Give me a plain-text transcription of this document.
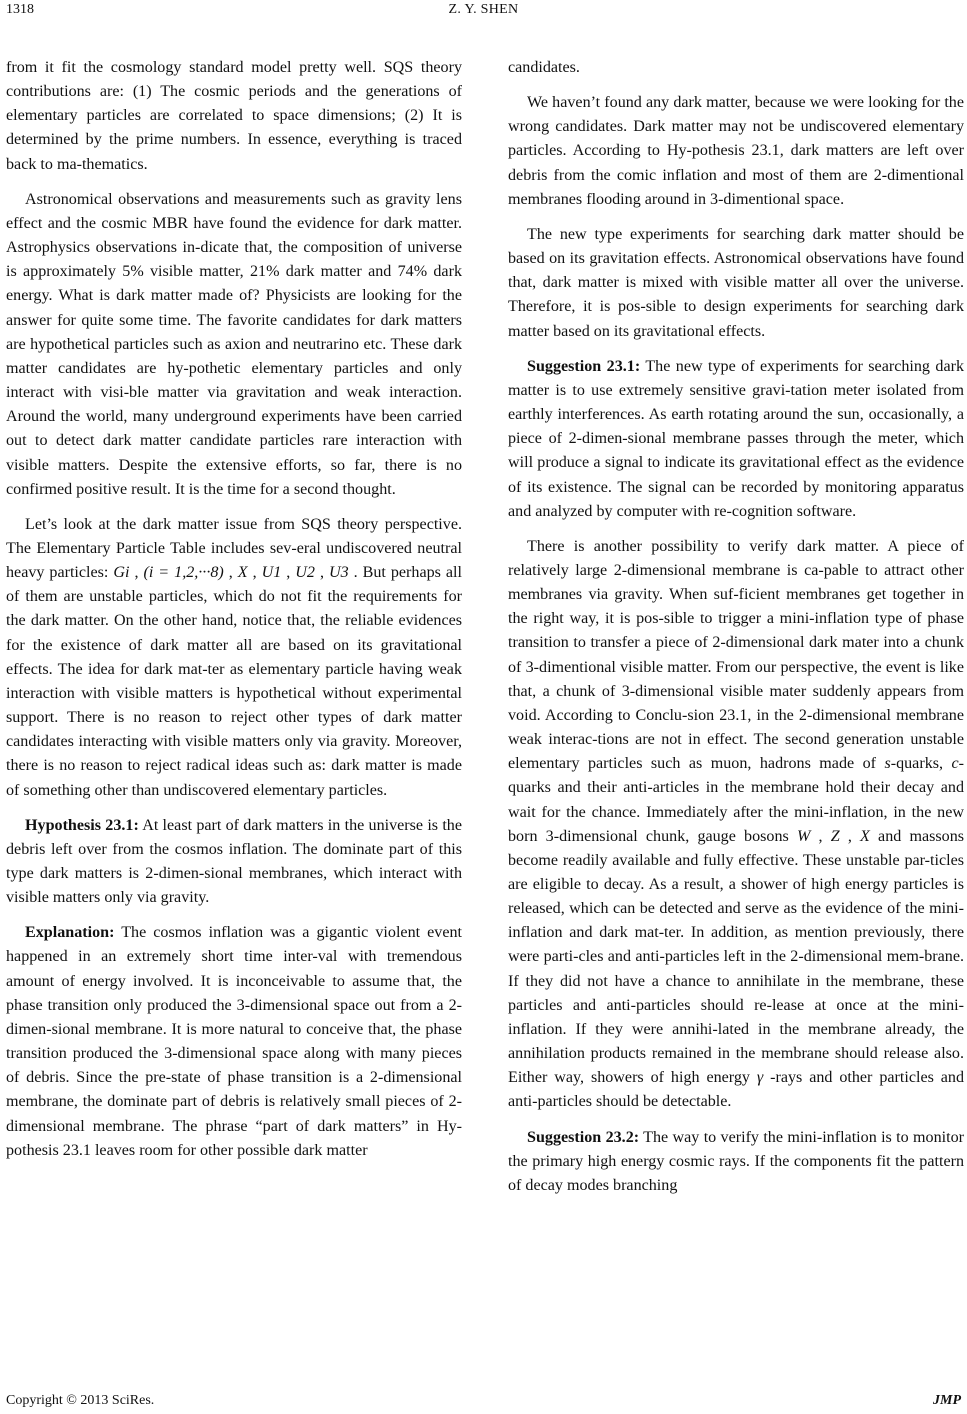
1318	Z. Y. SHEN

from it fit the cosmology standard model pretty well. SQS theory contributions are: (1) The cosmic periods and the generations of elementary particles are correlated to space dimensions; (2) It is determined by the prime numbers. In essence, everything is traced back to ma-thematics.

Astronomical observations and measurements such as gravity lens effect and the cosmic MBR have found the evidence for dark matter. Astrophysics observations in-dicate that, the composition of universe is approximately 5% visible matter, 21% dark matter and 74% dark energy. What is dark matter made of? Physicists are looking for the answer for quite some time. The favorite candidates for dark matters are hypothetical particles such as axion and neutrarino etc. These dark matter candidates are hy-pothetic elementary particles and only interact with visi-ble matter via gravitation and weak interaction. Around the world, many underground experiments have been carried out to detect dark matter candidate particles rare interaction with visible matters. Despite the extensive efforts, so far, there is no confirmed positive result. It is the time for a second thought.

Let’s look at the dark matter issue from SQS theory perspective. The Elementary Particle Table includes sev-eral undiscovered neutral heavy particles: Gi , (i = 1,2,···8) , X , U1 , U2 , U3 . But perhaps all of them are unstable particles, which do not fit the requirements for the dark matter. On the other hand, notice that, the reliable evidences for the existence of dark matter all are based on its gravitational effects. The idea for dark mat-ter as elementary particle having weak interaction with visible matters is hypothetical without experimental support. There is no reason to reject other types of dark matter candidates interacting with visible matters only via gravity. Moreover, there is no reason to reject radical ideas such as: dark matter is made of something other than undiscovered elementary particles.

Hypothesis 23.1: At least part of dark matters in the universe is the debris left over from the cosmos inflation. The dominate part of this type dark matters is 2-dimen-sional membranes, which interact with visible matters only via gravity.

Explanation: The cosmos inflation was a gigantic violent event happened in an extremely short time inter-val with tremendous amount of energy involved. It is inconceivable to assume that, the phase transition only produced the 3-dimensional space out from a 2-dimen-sional membrane. It is more natural to conceive that, the phase transition produced the 3-dimensional space along with many pieces of debris. Since the pre-state of phase transition is a 2-dimensional membrane, the dominate part of debris is relatively small pieces of 2-dimensional membrane. The phrase “part of dark matters” in Hy-pothesis 23.1 leaves room for other possible dark matter

candidates.

We haven’t found any dark matter, because we were looking for the wrong candidates. Dark matter may not be undiscovered elementary particles. According to Hy-pothesis 23.1, dark matters are left over debris from the comic inflation and most of them are 2-dimentional membranes flooding around in 3-dimentional space.

The new type experiments for searching dark matter should be based on its gravitation effects. Astronomical observations have found that, dark matter is mixed with visible matter all over the universe. Therefore, it is pos-sible to design experiments for searching dark matter based on its gravitational effects.

Suggestion 23.1: The new type of experiments for searching dark matter is to use extremely sensitive gravi-tation meter isolated from earthly interferences. As earth rotating around the sun, occasionally, a piece of 2-dimen-sional membrane passes through the meter, which will produce a signal to indicate its gravitational effect as the evidence of its existence. The signal can be recorded by monitoring apparatus and analyzed by computer with re-cognition software.

There is another possibility to verify dark matter. A piece of relatively large 2-dimensional membrane is ca-pable to attract other membranes via gravity. When suf-ficient membranes get together in the right way, it is pos-sible to trigger a mini-inflation type of phase transition to transfer a piece of 2-dimensional dark mater into a chunk of 3-dimentional visible matter. From our perspective, the event is like that, a chunk of 3-dimensional visible mater suddenly appears from void. According to Conclu-sion 23.1, in the 2-dimensional membrane weak interac-tions are not in effect. The second generation unstable elementary particles such as muon, hadrons made of s-quarks, c-quarks and their anti-articles in the membrane hold their decay and wait for the chance. Immediately after the mini-inflation, in the new born 3-dimensional chunk, gauge bosons W , Z , X and massons become readily available and fully effective. These unstable par-ticles are eligible to decay. As a result, a shower of high energy particles is released, which can be detected and serve as the evidence of the mini-inflation and dark mat-ter. In addition, as mention previously, there were parti-cles and anti-particles left in the 2-dimensional mem-brane. If they did not have a chance to annihilate in the membrane, these particles and anti-particles should re-lease at once at the mini-inflation. If they were annihi-lated in the membrane already, the annihilation products remained in the membrane should release also. Either way, showers of high energy γ -rays and other particles and anti-particles should be detectable.

Suggestion 23.2: The way to verify the mini-inflation is to monitor the primary high energy cosmic rays. If the components fit the pattern of decay modes branching

Copyright © 2013 SciRes.	JMP
